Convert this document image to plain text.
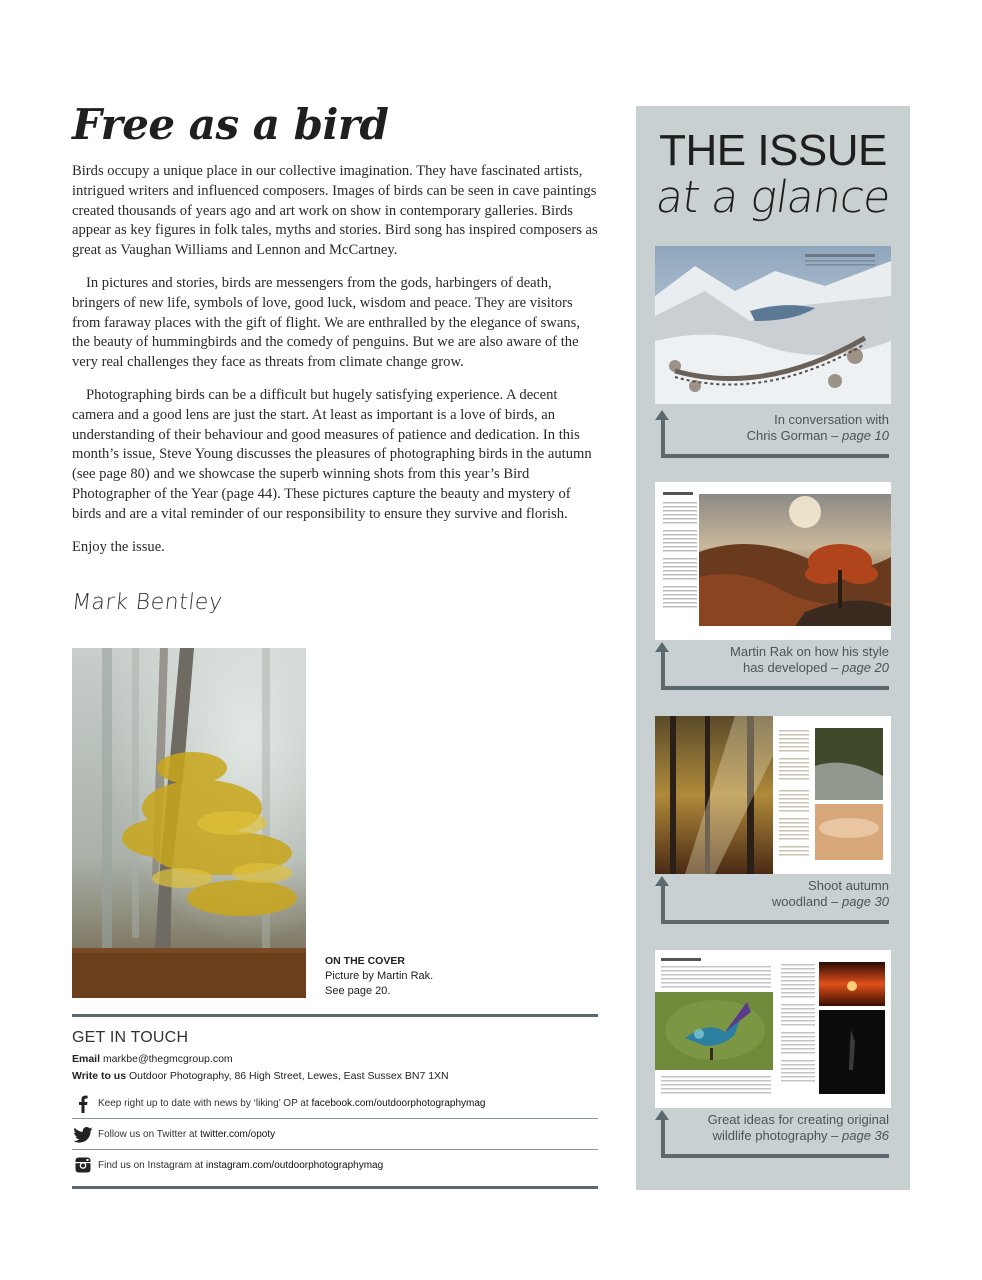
Free as a bird

Birds occupy a unique place in our collective imagination. They have fascinated artists, intrigued writers and influenced composers. Images of birds can be seen in cave paintings created thousands of years ago and art work on show in contemporary galleries. Birds appear as key figures in folk tales, myths and stories. Bird song has inspired composers as great as Vaughan Williams and Lennon and McCartney.

In pictures and stories, birds are messengers from the gods, harbingers of death, bringers of new life, symbols of love, good luck, wisdom and peace. They are visitors from faraway places with the gift of flight. We are enthralled by the elegance of swans, the beauty of hummingbirds and the comedy of penguins. But we are also aware of the very real challenges they face as threats from climate change grow.

Photographing birds can be a difficult but hugely satisfying experience. A decent camera and a good lens are just the start. At least as important is a love of birds, an understanding of their behaviour and good measures of patience and dedication. In this month’s issue, Steve Young discusses the pleasures of photographing birds in the autumn (see page 80) and we showcase the superb winning shots from this year’s Bird Photographer of the Year (page 44). These pictures capture the beauty and mystery of birds and are a vital reminder of our responsibility to ensure they survive and florish.

Enjoy the issue.

Mark Bentley
ON THE COVER
Picture by Martin Rak.
See page 20.
GET IN TOUCH
Email markbe@thegmcgroup.com
Write to us Outdoor Photography, 86 High Street, Lewes, East Sussex BN7 1XN
Keep right up to date with news by ‘liking’ OP at
facebook.com/outdoorphotographymag
Follow us on Twitter at
twitter.com/opoty
Find us on Instagram at
instagram.com/outdoorphotographymag
THE ISSUE
at a glance
In conversation with
Chris Gorman – page 10
Martin Rak on how his style
has developed – page 20
Shoot autumn
woodland – page 30
Great ideas for creating original
wildlife photography – page 36
